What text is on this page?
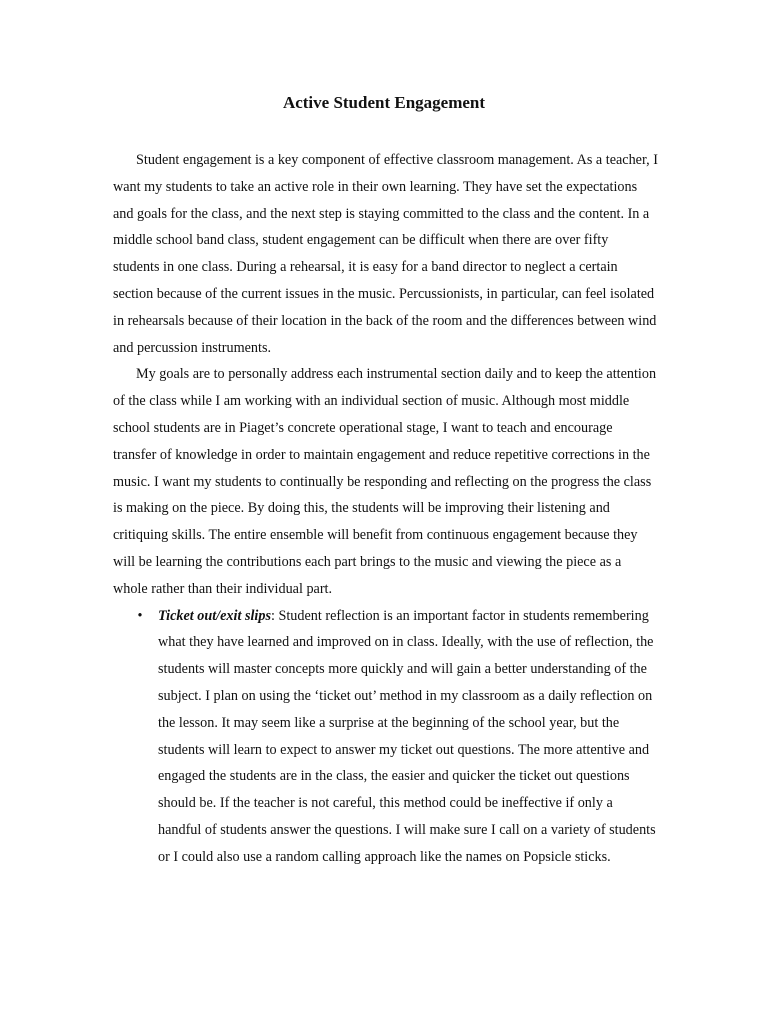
Active Student Engagement

Student engagement is a key component of effective classroom management. As a teacher, I want my students to take an active role in their own learning. They have set the expectations and goals for the class, and the next step is staying committed to the class and the content. In a middle school band class, student engagement can be difficult when there are over fifty students in one class. During a rehearsal, it is easy for a band director to neglect a certain section because of the current issues in the music. Percussionists, in particular, can feel isolated in rehearsals because of their location in the back of the room and the differences between wind and percussion instruments.

My goals are to personally address each instrumental section daily and to keep the attention of the class while I am working with an individual section of music. Although most middle school students are in Piaget’s concrete operational stage, I want to teach and encourage transfer of knowledge in order to maintain engagement and reduce repetitive corrections in the music. I want my students to continually be responding and reflecting on the progress the class is making on the piece. By doing this, the students will be improving their listening and critiquing skills. The entire ensemble will benefit from continuous engagement because they will be learning the contributions each part brings to the music and viewing the piece as a whole rather than their individual part.

• Ticket out/exit slips: Student reflection is an important factor in students remembering what they have learned and improved on in class. Ideally, with the use of reflection, the students will master concepts more quickly and will gain a better understanding of the subject. I plan on using the ‘ticket out’ method in my classroom as a daily reflection on the lesson. It may seem like a surprise at the beginning of the school year, but the students will learn to expect to answer my ticket out questions. The more attentive and engaged the students are in the class, the easier and quicker the ticket out questions should be. If the teacher is not careful, this method could be ineffective if only a handful of students answer the questions. I will make sure I call on a variety of students or I could also use a random calling approach like the names on Popsicle sticks.
